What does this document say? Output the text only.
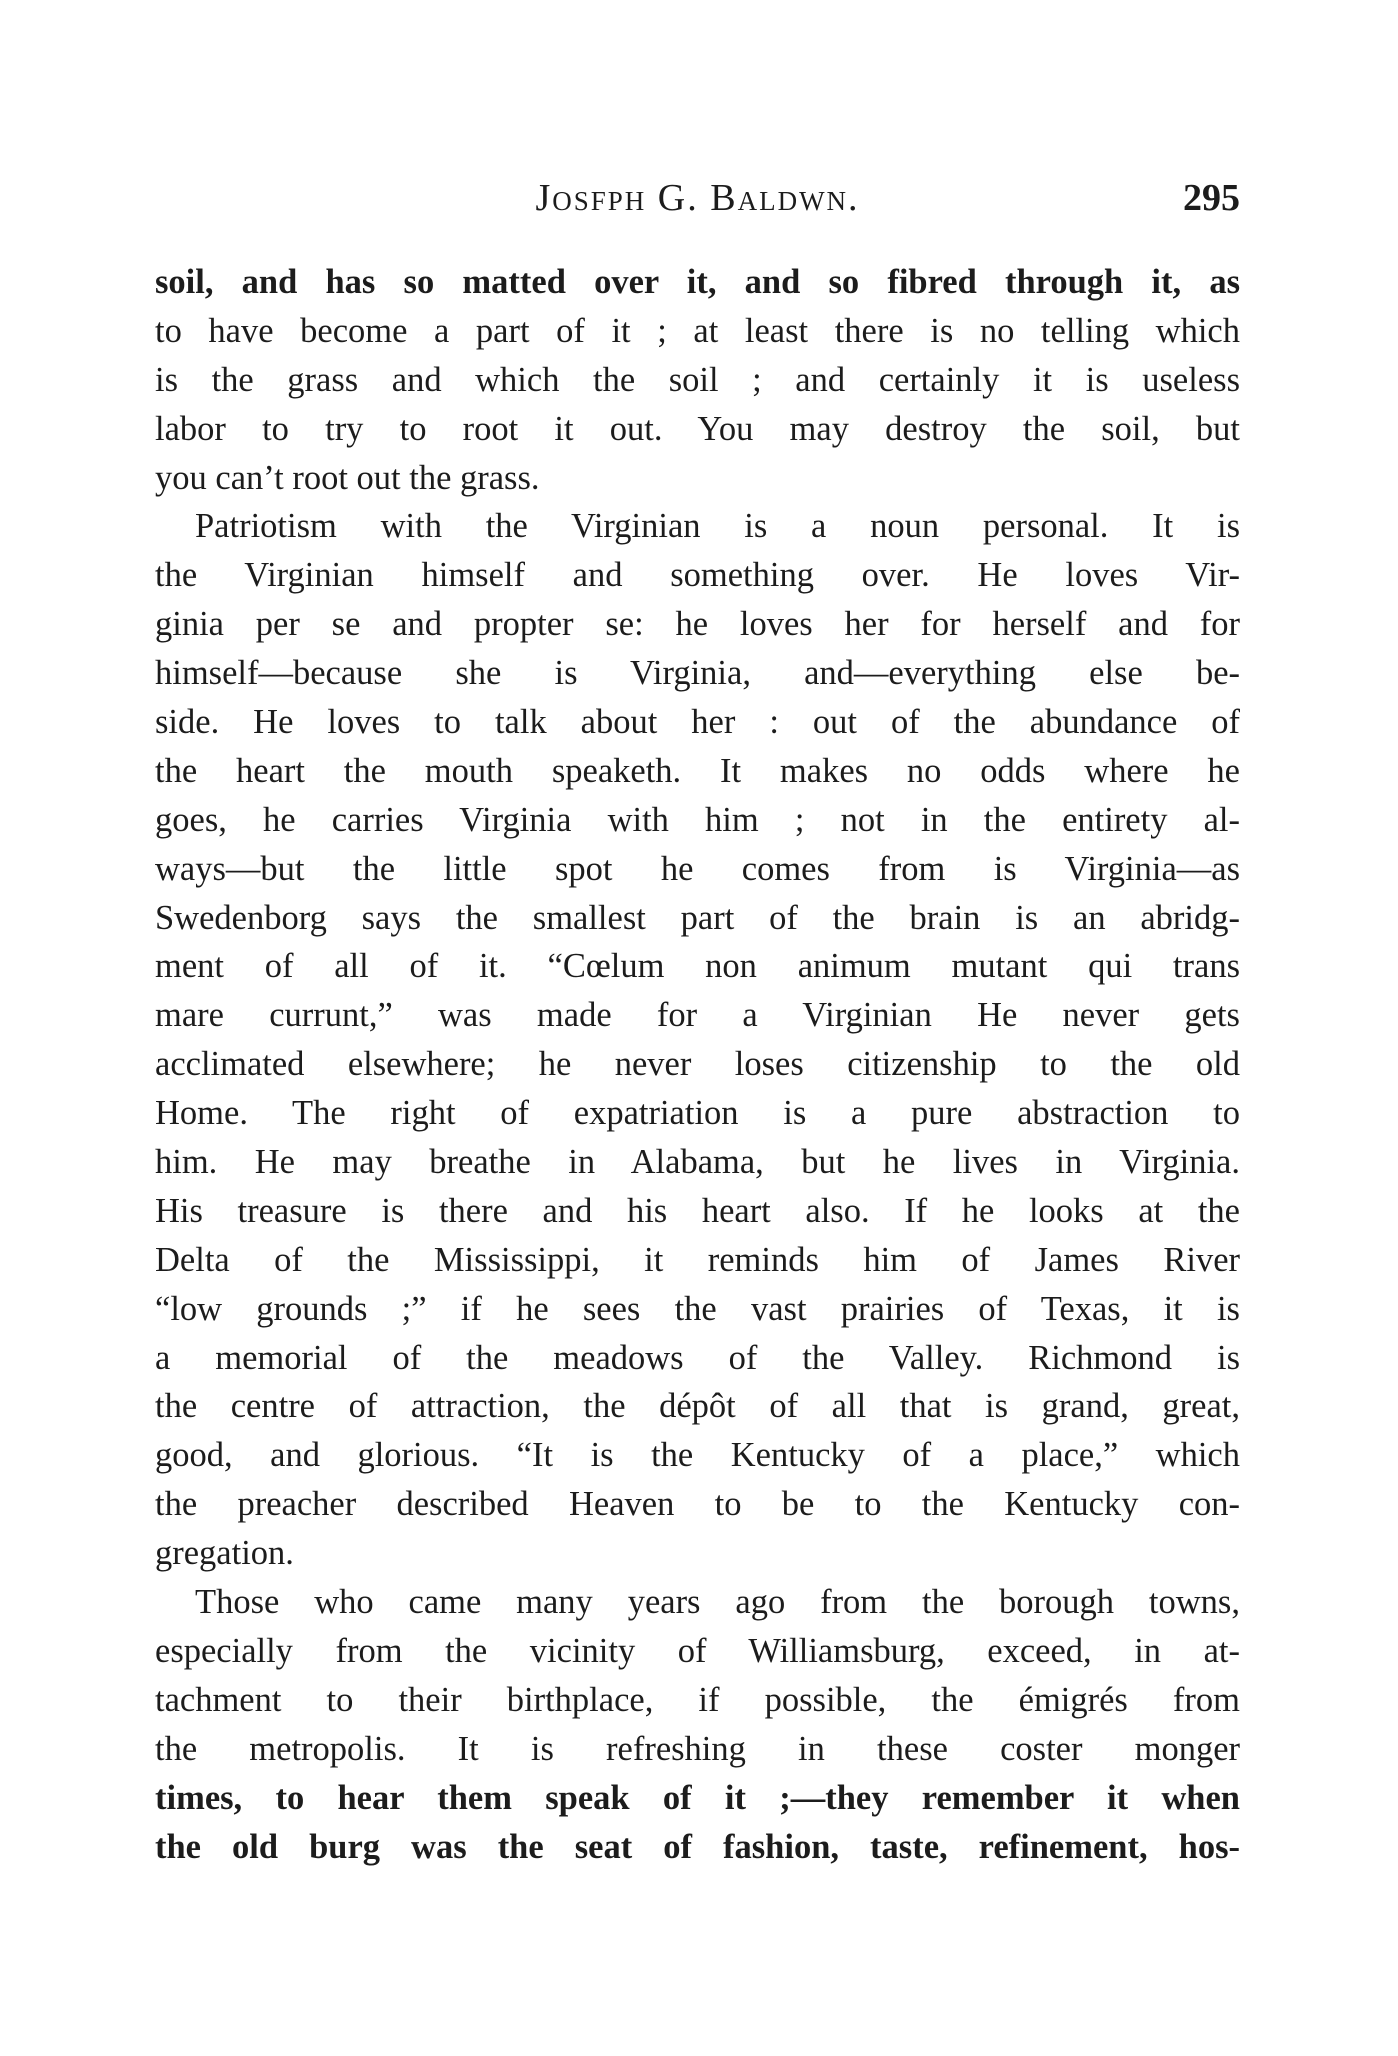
Josfph G. Baldwn.	295
soil, and has so matted over it, and so fibred through it, as
to have become a part of it ; at least there is no telling which
is the grass and which the soil ; and certainly it is useless
labor to try to root it out. You may destroy the soil, but
you can’t root out the grass.
Patriotism with the Virginian is a noun personal. It is
the Virginian himself and something over. He loves Vir-
ginia per se and propter se: he loves her for herself and for
himself—because she is Virginia, and—everything else be-
side. He loves to talk about her : out of the abundance of
the heart the mouth speaketh. It makes no odds where he
goes, he carries Virginia with him ; not in the entirety al-
ways—but the little spot he comes from is Virginia—as
Swedenborg says the smallest part of the brain is an abridg-
ment of all of it. “Cœlum non animum mutant qui trans
mare currunt,” was made for a Virginian He never gets
acclimated elsewhere; he never loses citizenship to the old
Home. The right of expatriation is a pure abstraction to
him. He may breathe in Alabama, but he lives in Virginia.
His treasure is there and his heart also. If he looks at the
Delta of the Mississippi, it reminds him of James River
“low grounds ;” if he sees the vast prairies of Texas, it is
a memorial of the meadows of the Valley. Richmond is
the centre of attraction, the dépôt of all that is grand, great,
good, and glorious. “It is the Kentucky of a place,” which
the preacher described Heaven to be to the Kentucky con-
gregation.
Those who came many years ago from the borough towns,
especially from the vicinity of Williamsburg, exceed, in at-
tachment to their birthplace, if possible, the émigrés from
the metropolis. It is refreshing in these coster monger
times, to hear them speak of it ;—they remember it when
the old burg was the seat of fashion, taste, refinement, hos-
